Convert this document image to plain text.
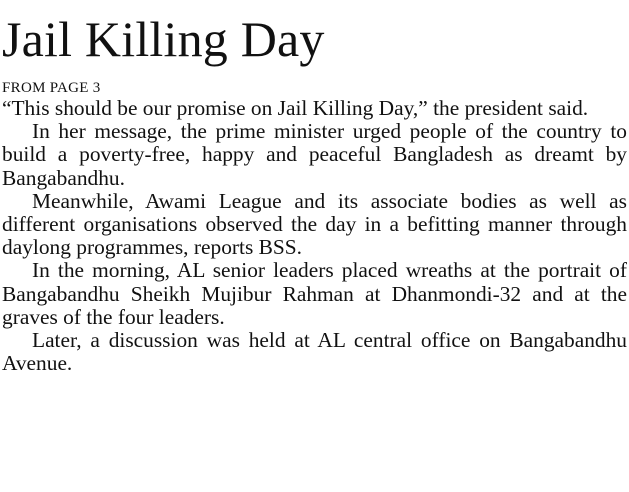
Jail Killing Day
FROM PAGE 3

“This should be our promise on Jail Killing Day,” the president said.

In her message, the prime minister urged people of the country to build a poverty-free, happy and peaceful Bangladesh as dreamt by Bangabandhu.

Meanwhile, Awami League and its associate bodies as well as different organisations observed the day in a befitting manner through daylong programmes, reports BSS.

In the morning, AL senior leaders placed wreaths at the portrait of Bangabandhu Sheikh Mujibur Rahman at Dhanmondi-32 and at the graves of the four leaders.

Later, a discussion was held at AL central office on Bangabandhu Avenue.
